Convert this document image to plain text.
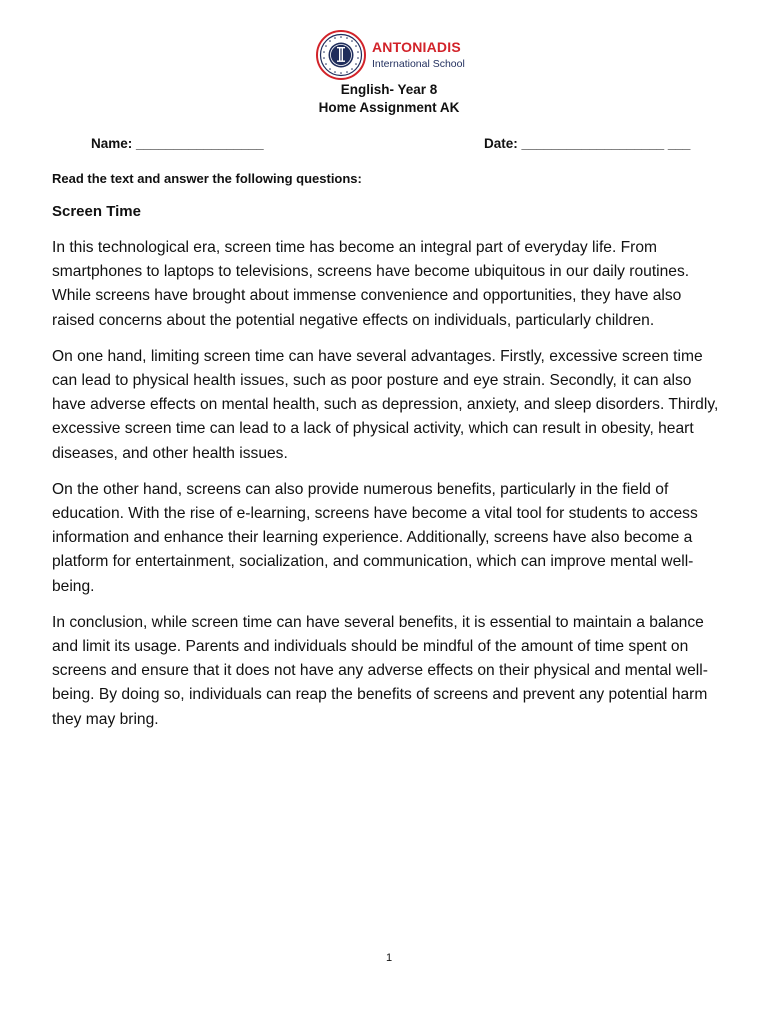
ANTONIADIS
International School
English- Year 8
Home Assignment AK
Name: _________________	Date: ___________________ ___
Read the text and answer the following questions:
Screen Time

In this technological era, screen time has become an integral part of everyday life. From smartphones to laptops to televisions, screens have become ubiquitous in our daily routines. While screens have brought about immense convenience and opportunities, they have also raised concerns about the potential negative effects on individuals, particularly children.

On one hand, limiting screen time can have several advantages. Firstly, excessive screen time can lead to physical health issues, such as poor posture and eye strain. Secondly, it can also have adverse effects on mental health, such as depression, anxiety, and sleep disorders. Thirdly, excessive screen time can lead to a lack of physical activity, which can result in obesity, heart diseases, and other health issues.

On the other hand, screens can also provide numerous benefits, particularly in the field of education. With the rise of e-learning, screens have become a vital tool for students to access information and enhance their learning experience. Additionally, screens have also become a platform for entertainment, socialization, and communication, which can improve mental well-being.

In conclusion, while screen time can have several benefits, it is essential to maintain a balance and limit its usage. Parents and individuals should be mindful of the amount of time spent on screens and ensure that it does not have any adverse effects on their physical and mental well-being. By doing so, individuals can reap the benefits of screens and prevent any potential harm they may bring.

1
